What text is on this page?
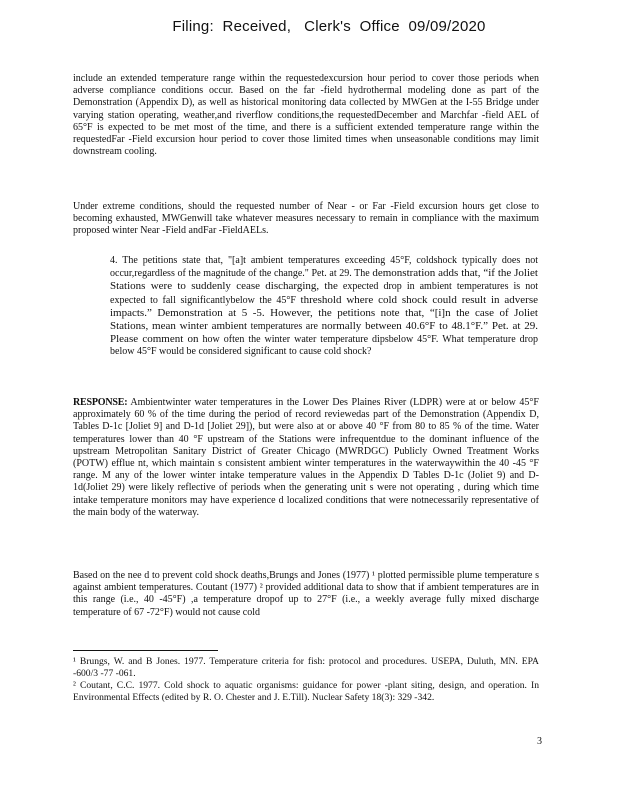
Filing:  Received,   Clerk's  Office  09/09/2020

include an extended temperature range within the requestedexcursion hour period to cover those periods when adverse compliance conditions occur. Based on the far -field hydrothermal modeling done as part of the Demonstration (Appendix D), as well as historical monitoring data collected by MWGen at the I-55 Bridge under varying station operating, weather,and riverflow conditions,the requestedDecember and Marchfar -field AEL of 65°F is expected to be met most of the time, and there is a sufficient extended temperature range within the requestedFar -Field excursion hour period to cover those limited times when unseasonable conditions may limit downstream cooling.

Under extreme conditions, should the requested number of Near - or Far -Field excursion hours get close to becoming exhausted, MWGenwill take whatever measures necessary to remain in compliance with the maximum proposed winter Near -Field andFar -FieldAELs.

4. The petitions state that, "[a]t ambient temperatures exceeding 45°F, coldshock typically does not occur,regardless of the magnitude of the change." Pet. at 29. The demonstration adds that, “if the Joliet Stations were to suddenly cease discharging, the expected drop in ambient temperatures is not expected to fall significantlybelow the 45°F threshold where cold shock could result in adverse impacts.” Demonstration at 5 -5. However, the petitions note that, “[i]n the case of Joliet Stations, mean winter ambient temperatures are normally between 40.6°F to 48.1°F.” Pet. at 29. Please comment on how often the winter water temperature dipsbelow 45°F. What temperature drop below 45°F would be considered significant to cause cold shock?

RESPONSE: Ambientwinter water temperatures in the Lower Des Plaines River (LDPR) were at or below 45°F approximately 60 % of the time during the period of record reviewedas part of the Demonstration (Appendix D, Tables D-1c [Joliet 9] and D-1d [Joliet 29]), but were also at or above 40 °F from 80 to 85 % of the time. Water temperatures lower than 40 °F upstream of the Stations were infrequentdue to the dominant influence of the upstream Metropolitan Sanitary District of Greater Chicago (MWRDGC) Publicly Owned Treatment Works (POTW) efflue nt, which maintain s consistent ambient winter temperatures in the waterwaywithin the 40 -45 °F range. M any of the lower winter intake temperature values in the Appendix D Tables D-1c (Joliet 9) and D-1d(Joliet 29) were likely reflective of periods when the generating unit s were not operating , during which time intake temperature monitors may have experience d localized conditions that were notnecessarily representative of the main body of the waterway.

Based on the nee d to prevent cold shock deaths,Brungs and Jones (1977) ¹ plotted permissible plume temperature s against ambient temperatures. Coutant (1977) ² provided additional data to show that if ambient temperatures are in this range (i.e., 40 -45°F) ,a temperature dropof up to 27°F (i.e., a weekly average fully mixed discharge temperature of 67 -72°F) would not cause cold

¹ Brungs, W. and B Jones. 1977. Temperature criteria for fish: protocol and procedures. USEPA, Duluth, MN. EPA -600/3 -77 -061.

² Coutant, C.C. 1977. Cold shock to aquatic organisms: guidance for power -plant siting, design, and operation. In Environmental Effects (edited by R. O. Chester and J. E.Till). Nuclear Safety 18(3): 329 -342.

3
